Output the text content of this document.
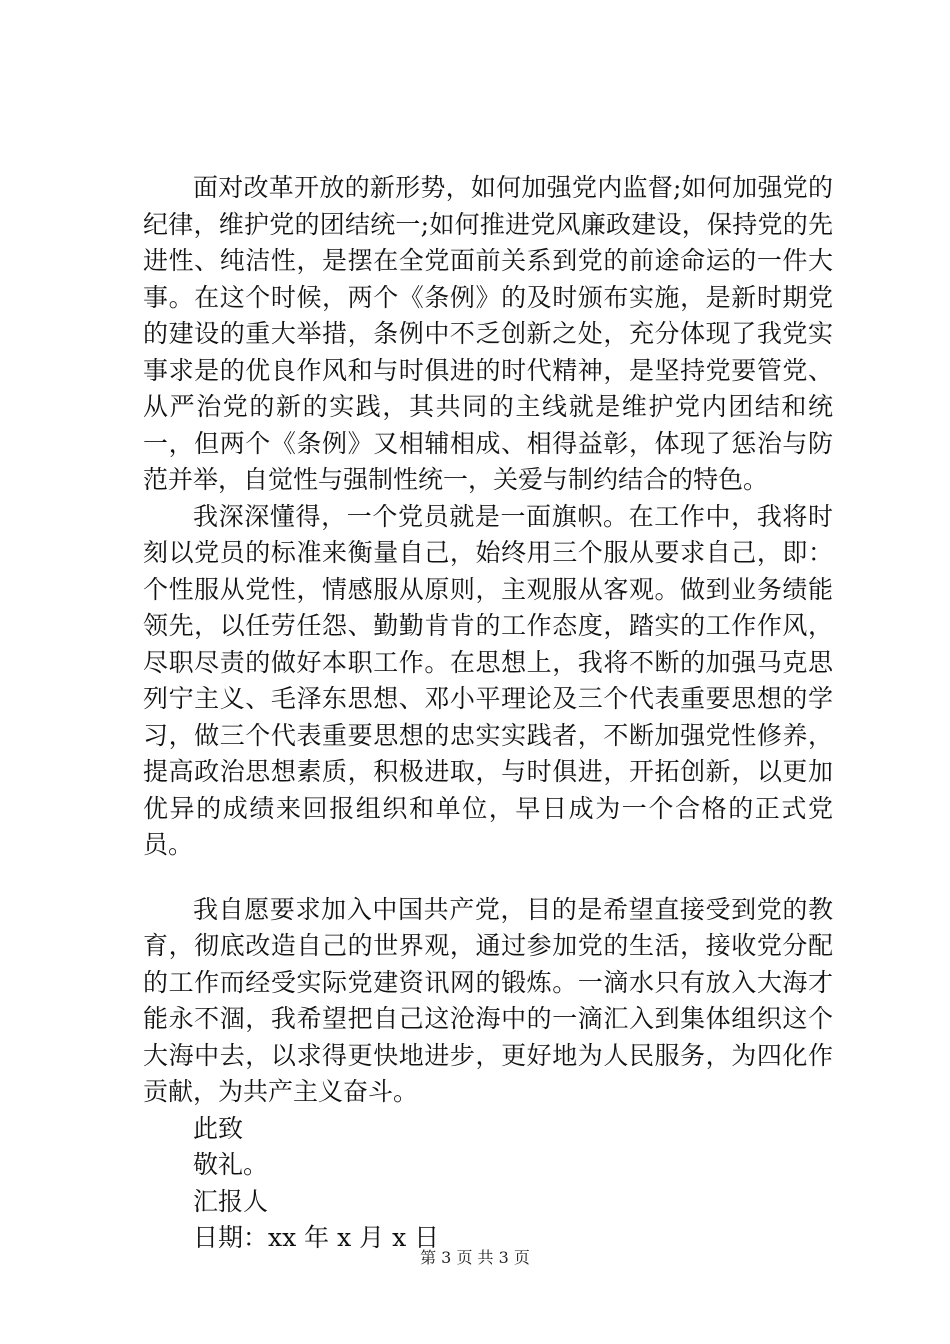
面对改革开放的新形势，如何加强党内监督;如何加强党的纪律，维护党的团结统一;如何推进党风廉政建设，保持党的先进性、纯洁性，是摆在全党面前关系到党的前途命运的一件大事。在这个时候，两个《条例》的及时颁布实施，是新时期党的建设的重大举措，条例中不乏创新之处，充分体现了我党实事求是的优良作风和与时俱进的时代精神，是坚持党要管党、从严治党的新的实践，其共同的主线就是维护党内团结和统一，但两个《条例》又相辅相成、相得益彰，体现了惩治与防范并举，自觉性与强制性统一，关爱与制约结合的特色。

我深深懂得，一个党员就是一面旗帜。在工作中，我将时刻以党员的标准来衡量自己，始终用三个服从要求自己，即：个性服从党性，情感服从原则，主观服从客观。做到业务绩能领先，以任劳任怨、勤勤肯肯的工作态度，踏实的工作作风，尽职尽责的做好本职工作。在思想上，我将不断的加强马克思列宁主义、毛泽东思想、邓小平理论及三个代表重要思想的学习，做三个代表重要思想的忠实实践者，不断加强党性修养，提高政治思想素质，积极进取，与时俱进，开拓创新，以更加优异的成绩来回报组织和单位，早日成为一个合格的正式党员。

我自愿要求加入中国共产党，目的是希望直接受到党的教育，彻底改造自己的世界观，通过参加党的生活，接收党分配的工作而经受实际党建资讯网的锻炼。一滴水只有放入大海才能永不涸，我希望把自己这沧海中的一滴汇入到集体组织这个大海中去，以求得更快地进步，更好地为人民服务，为四化作贡献，为共产主义奋斗。

此致

敬礼。

汇报人

日期：xx 年 x 月 x 日

第 3 页 共 3 页
